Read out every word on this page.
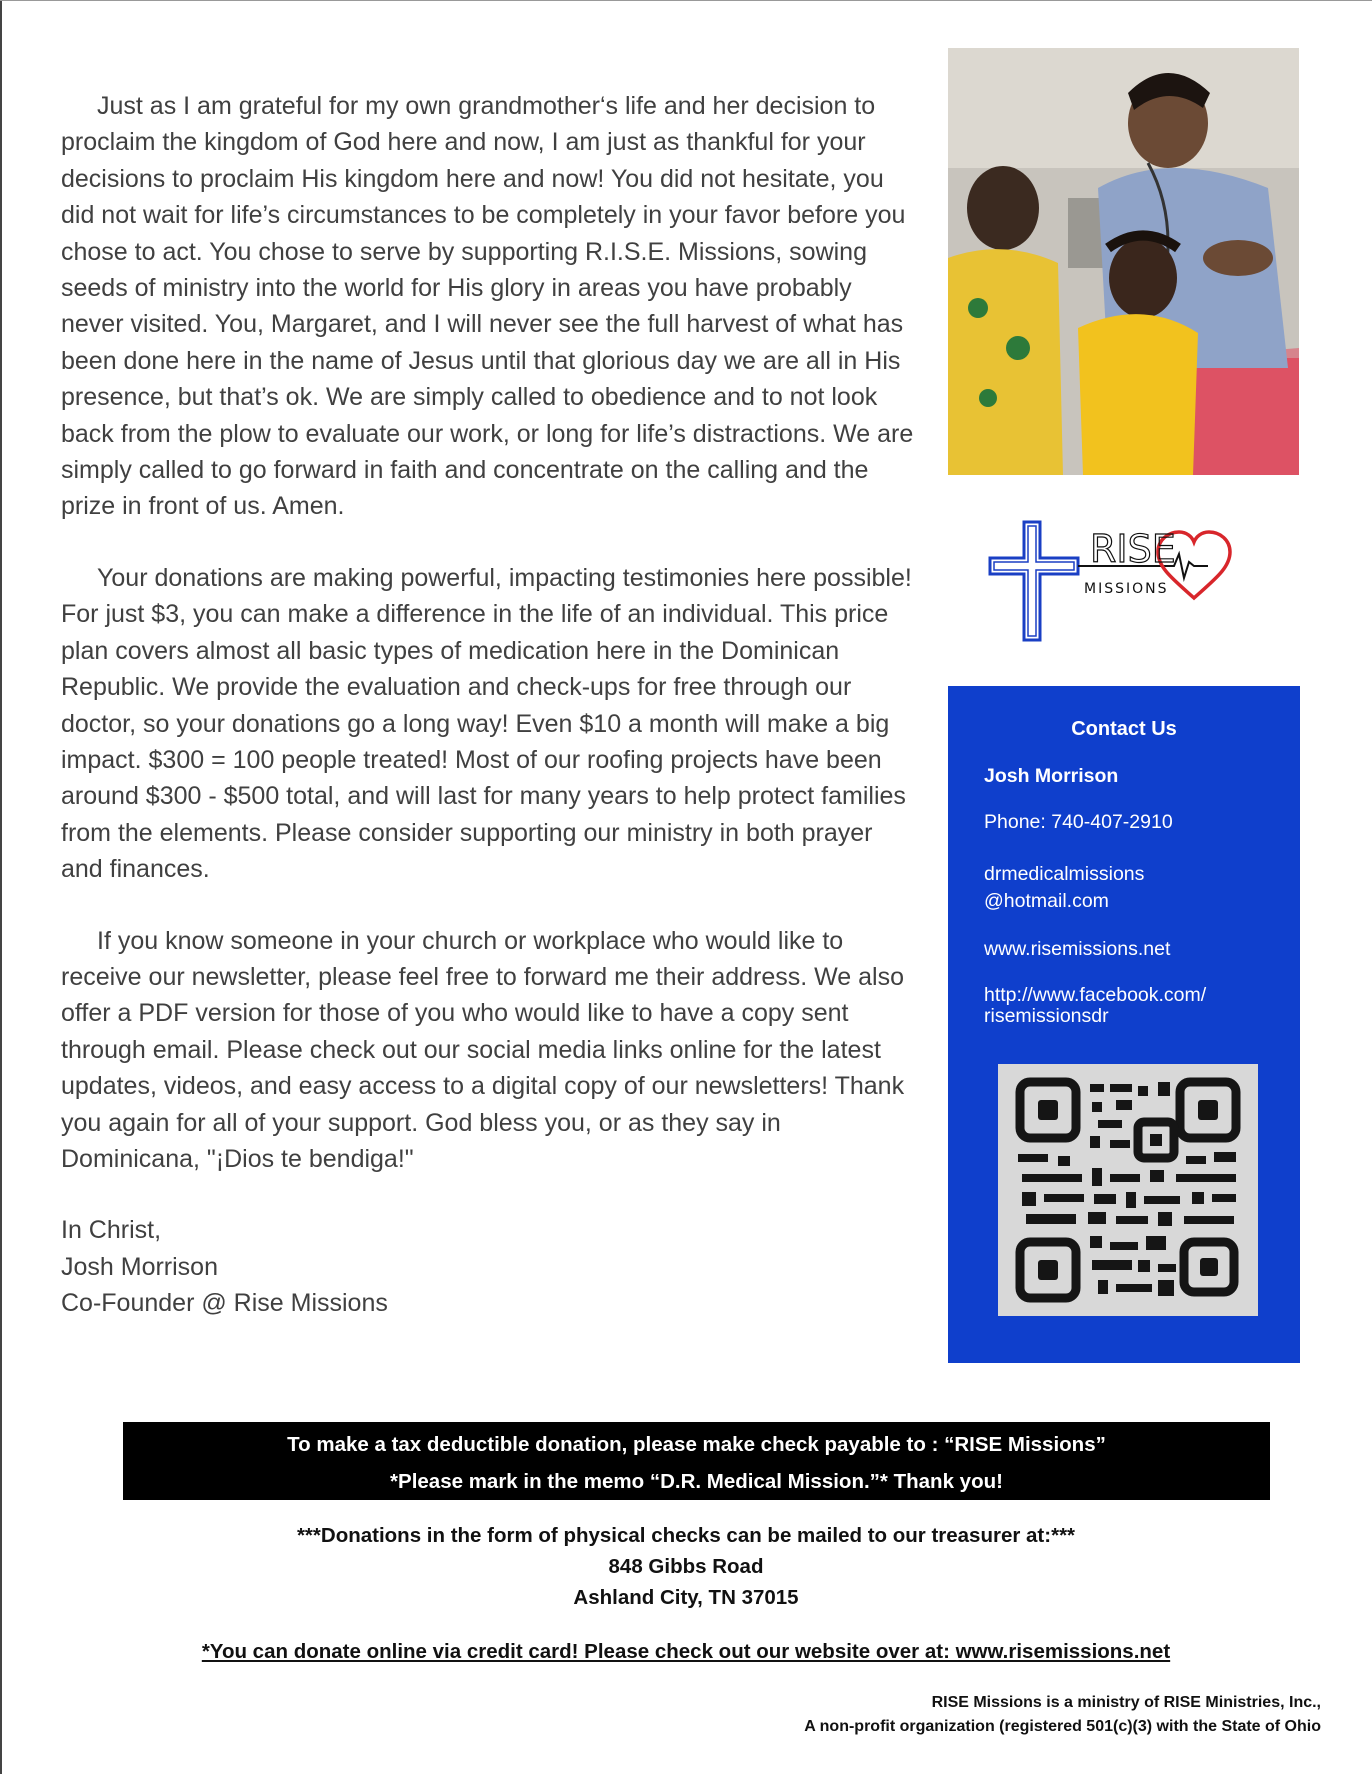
Just as I am grateful for my own grandmother‘s life and her decision to proclaim the kingdom of God here and now, I am just as thankful for your decisions to proclaim His kingdom here and now! You did not hesitate, you did not wait for life’s circumstances to be completely in your favor before you chose to act. You chose to serve by supporting R.I.S.E. Missions, sowing seeds of ministry into the world for His glory in areas you have probably never visited. You, Margaret, and I will never see the full harvest of what has been done here in the name of Jesus until that glorious day we are all in His presence, but that’s ok. We are simply called to obedience and to not look back from the plow to evaluate our work, or long for life’s distractions. We are simply called to go forward in faith and concentrate on the calling and the prize in front of us. Amen.

Your donations are making powerful, impacting testimonies here possible! For just $3, you can make a difference in the life of an individual. This price plan covers almost all basic types of medication here in the Dominican Republic. We provide the evaluation and check-ups for free through our doctor, so your donations go a long way! Even $10 a month will make a big impact. $300 = 100 people treated! Most of our roofing projects have been around $300 - $500 total, and will last for many years to help protect families from the elements. Please consider supporting our ministry in both prayer and finances.

If you know someone in your church or workplace who would like to receive our newsletter, please feel free to forward me their address. We also offer a PDF version for those of you who would like to have a copy sent through email. Please check out our social media links online for the latest updates, videos, and easy access to a digital copy of our newsletters! Thank you again for all of your support. God bless you, or as they say in Dominicana, "¡Dios te bendiga!"

In Christ,
Josh Morrison
Co-Founder @ Rise Missions
RISE
MISSIONS
Contact Us
Josh Morrison
Phone: 740-407-2910
drmedicalmissions
@hotmail.com
www.risemissions.net
http://www.facebook.com/
risemissionsdr
To make a tax deductible donation, please make check payable to : “RISE Missions”
*Please mark in the memo “D.R. Medical Mission.”* Thank you!
***Donations in the form of physical checks can be mailed to our treasurer at:***
848 Gibbs Road
Ashland City, TN 37015
*You can donate online via credit card! Please check out our website over at: www.risemissions.net
RISE Missions is a ministry of RISE Ministries, Inc.,
A non-profit organization (registered 501(c)(3) with the State of Ohio
